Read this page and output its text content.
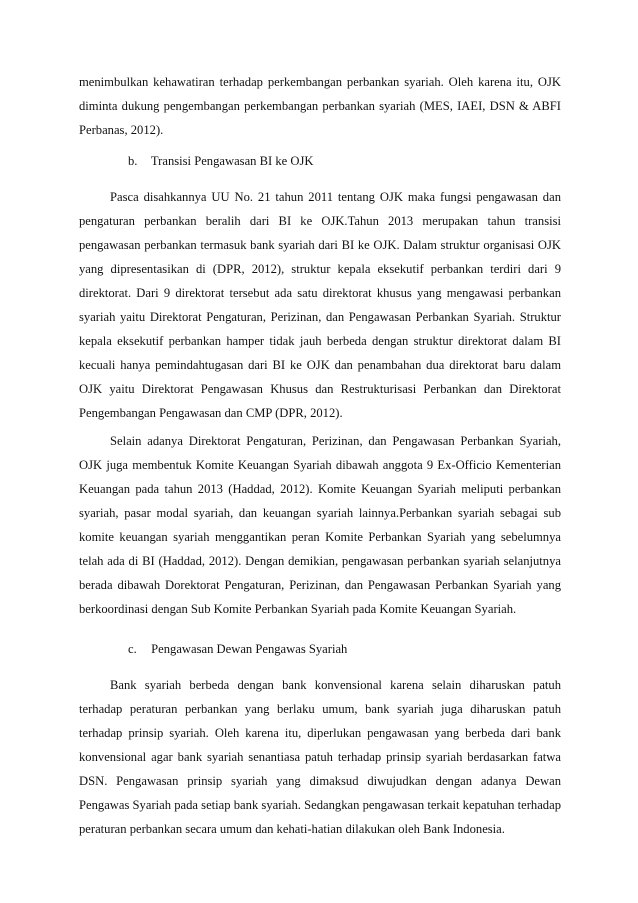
menimbulkan kehawatiran terhadap perkembangan perbankan syariah. Oleh karena itu, OJK diminta dukung pengembangan perkembangan perbankan syariah (MES, IAEI, DSN & ABFI Perbanas, 2012).

b. Transisi Pengawasan BI ke OJK

Pasca disahkannya UU No. 21 tahun 2011 tentang OJK maka fungsi pengawasan dan pengaturan perbankan beralih dari BI ke OJK.Tahun 2013 merupakan tahun transisi pengawasan perbankan termasuk bank syariah dari BI ke OJK. Dalam struktur organisasi OJK yang dipresentasikan di (DPR, 2012), struktur kepala eksekutif perbankan terdiri dari 9 direktorat. Dari 9 direktorat tersebut ada satu direktorat khusus yang mengawasi perbankan syariah yaitu Direktorat Pengaturan, Perizinan, dan Pengawasan Perbankan Syariah. Struktur kepala eksekutif perbankan hamper tidak jauh berbeda dengan struktur direktorat dalam BI kecuali hanya pemindahtugasan dari BI ke OJK dan penambahan dua direktorat baru dalam OJK yaitu Direktorat Pengawasan Khusus dan Restrukturisasi Perbankan dan Direktorat Pengembangan Pengawasan dan CMP (DPR, 2012).

Selain adanya Direktorat Pengaturan, Perizinan, dan Pengawasan Perbankan Syariah, OJK juga membentuk Komite Keuangan Syariah dibawah anggota 9 Ex-Officio Kementerian Keuangan pada tahun 2013 (Haddad, 2012). Komite Keuangan Syariah meliputi perbankan syariah, pasar modal syariah, dan keuangan syariah lainnya.Perbankan syariah sebagai sub komite keuangan syariah menggantikan peran Komite Perbankan Syariah yang sebelumnya telah ada di BI (Haddad, 2012). Dengan demikian, pengawasan perbankan syariah selanjutnya berada dibawah Dorektorat Pengaturan, Perizinan, dan Pengawasan Perbankan Syariah yang berkoordinasi dengan Sub Komite Perbankan Syariah pada Komite Keuangan Syariah.

c. Pengawasan Dewan Pengawas Syariah

Bank syariah berbeda dengan bank konvensional karena selain diharuskan patuh terhadap peraturan perbankan yang berlaku umum, bank syariah juga diharuskan patuh terhadap prinsip syariah. Oleh karena itu, diperlukan pengawasan yang berbeda dari bank konvensional agar bank syariah senantiasa patuh terhadap prinsip syariah berdasarkan fatwa DSN. Pengawasan prinsip syariah yang dimaksud diwujudkan dengan adanya Dewan Pengawas Syariah pada setiap bank syariah. Sedangkan pengawasan terkait kepatuhan terhadap peraturan perbankan secara umum dan kehati-hatian dilakukan oleh Bank Indonesia.
